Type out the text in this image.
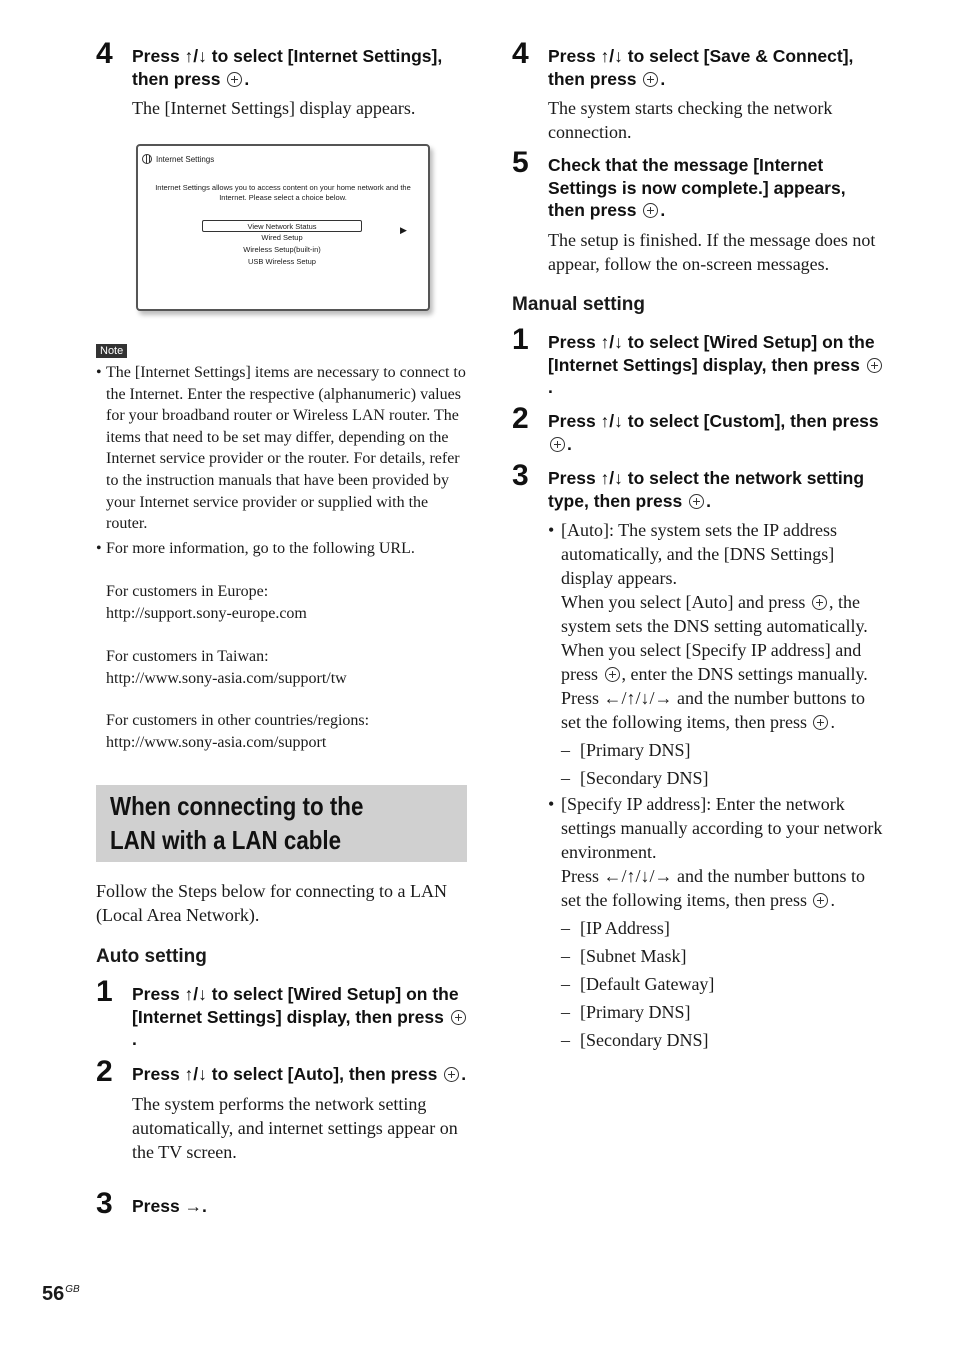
4 Press ↑/↓ to select [Internet Settings], then press .
The [Internet Settings] display appears.
Internet Settings
Internet Settings allows you to access content on your home network and the Internet. Please select a choice below.
View Network Status
Wired Setup
Wireless Setup(built-in)
USB Wireless Setup
▶
Note
• The [Internet Settings] items are necessary to connect to the Internet. Enter the respective (alphanumeric) values for your broadband router or Wireless LAN router. The items that need to be set may differ, depending on the Internet service provider or the router. For details, refer to the instruction manuals that have been provided by your Internet service provider or supplied with the router.
• For more information, go to the following URL.
For customers in Europe:
http://support.sony-europe.com
For customers in Taiwan:
http://www.sony-asia.com/support/tw
For customers in other countries/regions:
http://www.sony-asia.com/support
When connecting to the LAN with a LAN cable
Follow the Steps below for connecting to a LAN (Local Area Network).
Auto setting
1 Press ↑/↓ to select [Wired Setup] on the [Internet Settings] display, then press .
2 Press ↑/↓ to select [Auto], then press .
The system performs the network setting automatically, and internet settings appear on the TV screen.
3 Press →.
4 Press ↑/↓ to select [Save & Connect], then press .
The system starts checking the network connection.
5 Check that the message [Internet Settings is now complete.] appears, then press .
The setup is finished. If the message does not appear, follow the on-screen messages.
Manual setting
1 Press ↑/↓ to select [Wired Setup] on the [Internet Settings] display, then press .
2 Press ↑/↓ to select [Custom], then press .
3 Press ↑/↓ to select the network setting type, then press .
• [Auto]: The system sets the IP address automatically, and the [DNS Settings] display appears.
When you select [Auto] and press , the system sets the DNS setting automatically.
When you select [Specify IP address] and press , enter the DNS settings manually.
Press ←/↑/↓/→ and the number buttons to set the following items, then press .
– [Primary DNS]
– [Secondary DNS]
• [Specify IP address]: Enter the network settings manually according to your network environment.
Press ←/↑/↓/→ and the number buttons to set the following items, then press .
– [IP Address]
– [Subnet Mask]
– [Default Gateway]
– [Primary DNS]
– [Secondary DNS]
$56^{GB}$
